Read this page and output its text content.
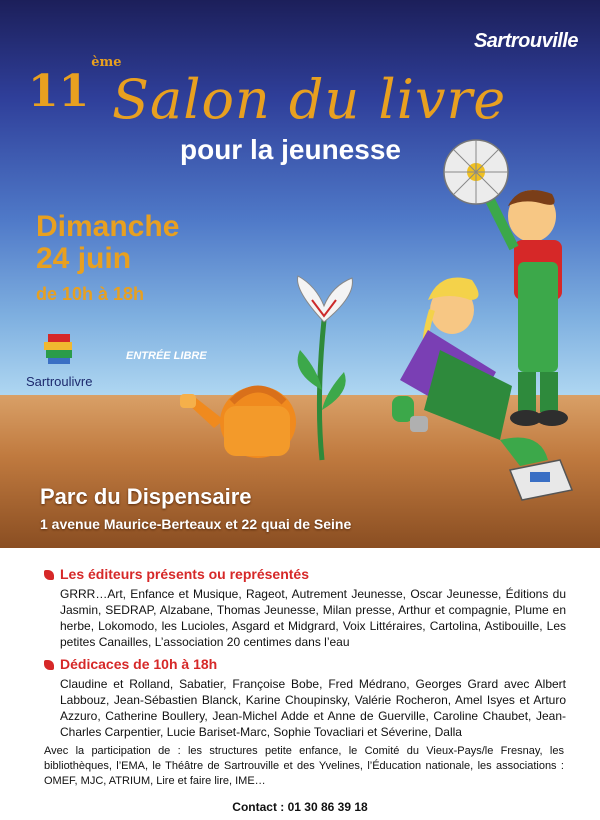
Sartrouville
11ème
Salon du livre
pour la jeunesse
Dimanche
24 juin
de 10h à 18h
Sartroulivre
ENTRÉE LIBRE
Parc du Dispensaire
1 avenue Maurice-Berteaux et 22 quai de Seine
Les éditeurs présents ou représentés
GRRR…Art, Enfance et Musique, Rageot, Autrement Jeunesse, Oscar Jeunesse, Éditions du Jasmin, SEDRAP, Alzabane, Thomas Jeunesse, Milan presse, Arthur et compagnie, Plume en herbe, Lokomodo, les Lucioles, Asgard et Midgrard, Voix Littéraires, Cartolina, Astibouille, Les petites Canailles, L’association 20 centimes dans l’eau
Dédicaces de 10h à 18h
Claudine et Rolland, Sabatier, Françoise Bobe, Fred Médrano, Georges Grard avec Albert Labbouz, Jean-Sébastien Blanck, Karine Choupinsky, Valérie Rocheron, Amel Isyes et Arturo Azzuro, Catherine Boullery, Jean-Michel Adde et Anne de Guerville, Caroline Chaubet, Jean-Charles Carpentier, Lucie Bariset-Marc, Sophie Tovacliari et Séverine, Dalla
Avec la participation de : les structures petite enfance, le Comité du Vieux-Pays/le Fresnay, les bibliothèques, l’EMA, le Théâtre de Sartrouville et des Yvelines, l’Éducation nationale, les associations : OMEF, MJC, ATRIUM, Lire et faire lire, IME…
Contact : 01 30 86 39 18
